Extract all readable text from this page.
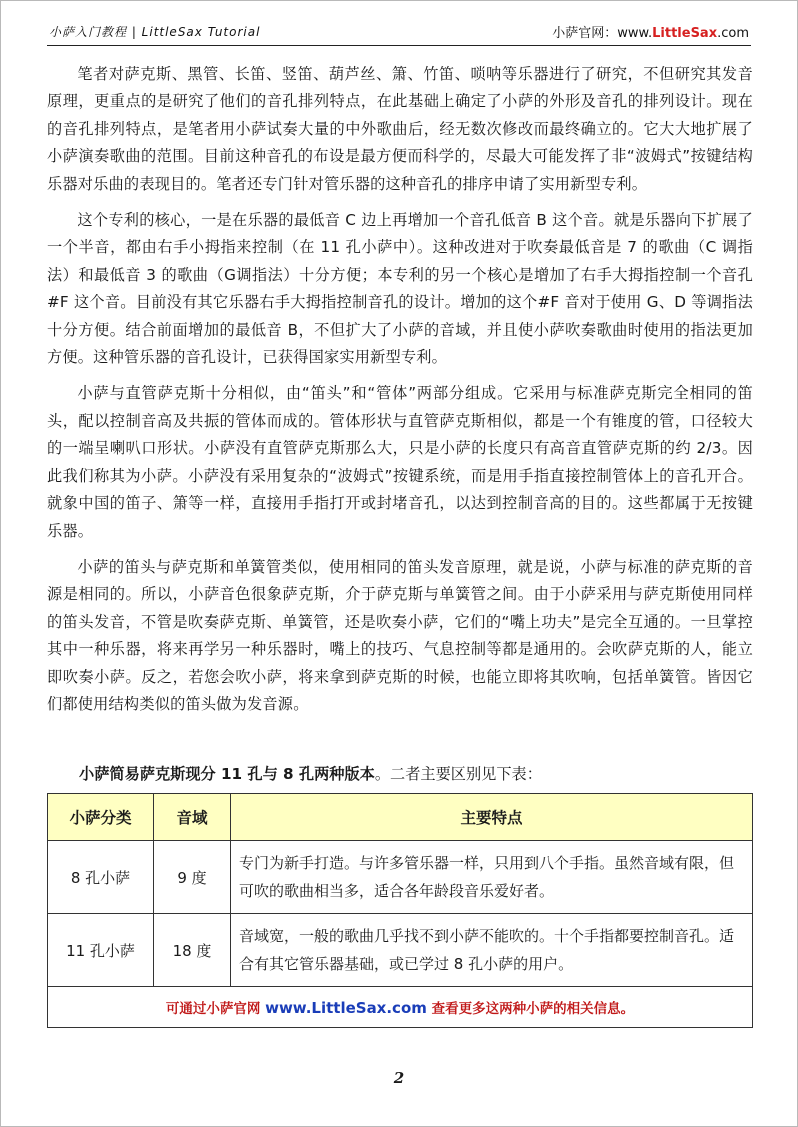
小萨入门教程 | LittleSax Tutorial	小萨官网：www.LittleSax.com

笔者对萨克斯、黑管、长笛、竖笛、葫芦丝、箫、竹笛、唢呐等乐器进行了研究，不但研究其发音原理，更重点的是研究了他们的音孔排列特点，在此基础上确定了小萨的外形及音孔的排列设计。现在的音孔排列特点，是笔者用小萨试奏大量的中外歌曲后，经无数次修改而最终确立的。它大大地扩展了小萨演奏歌曲的范围。目前这种音孔的布设是最方便而科学的，尽最大可能发挥了非“波姆式”按键结构乐器对乐曲的表现目的。笔者还专门针对管乐器的这种音孔的排序申请了实用新型专利。

这个专利的核心，一是在乐器的最低音 C 边上再增加一个音孔低音 B 这个音。就是乐器向下扩展了一个半音，都由右手小拇指来控制（在 11 孔小萨中）。这种改进对于吹奏最低音是 7 的歌曲（C 调指法）和最低音 3 的歌曲（G调指法）十分方便；本专利的另一个核心是增加了右手大拇指控制一个音孔#F 这个音。目前没有其它乐器右手大拇指控制音孔的设计。增加的这个#F 音对于使用 G、D 等调指法十分方便。结合前面增加的最低音 B，不但扩大了小萨的音域，并且使小萨吹奏歌曲时使用的指法更加方便。这种管乐器的音孔设计，已获得国家实用新型专利。

小萨与直管萨克斯十分相似，由“笛头”和“管体”两部分组成。它采用与标准萨克斯完全相同的笛头，配以控制音高及共振的管体而成的。管体形状与直管萨克斯相似，都是一个有锥度的管，口径较大的一端呈喇叭口形状。小萨没有直管萨克斯那么大，只是小萨的长度只有高音直管萨克斯的约 2/3。因此我们称其为小萨。小萨没有采用复杂的“波姆式”按键系统，而是用手指直接控制管体上的音孔开合。就象中国的笛子、箫等一样，直接用手指打开或封堵音孔，以达到控制音高的目的。这些都属于无按键乐器。

小萨的笛头与萨克斯和单簧管类似，使用相同的笛头发音原理，就是说，小萨与标准的萨克斯的音源是相同的。所以，小萨音色很象萨克斯，介于萨克斯与单簧管之间。由于小萨采用与萨克斯使用同样的笛头发音，不管是吹奏萨克斯、单簧管，还是吹奏小萨，它们的“嘴上功夫”是完全互通的。一旦掌控其中一种乐器，将来再学另一种乐器时，嘴上的技巧、气息控制等都是通用的。会吹萨克斯的人，能立即吹奏小萨。反之，若您会吹小萨，将来拿到萨克斯的时候，也能立即将其吹响，包括单簧管。皆因它们都使用结构类似的笛头做为发音源。

小萨简易萨克斯现分 11 孔与 8 孔两种版本。二者主要区别见下表：
小萨分类	音域	主要特点
8 孔小萨	9 度	专门为新手打造。与许多管乐器一样，只用到八个手指。虽然音域有限，但可吹的歌曲相当多，适合各年龄段音乐爱好者。
11 孔小萨	18 度	音域宽，一般的歌曲几乎找不到小萨不能吹的。十个手指都要控制音孔。适合有其它管乐器基础，或已学过 8 孔小萨的用户。
可通过小萨官网 www.LittleSax.com 查看更多这两种小萨的相关信息。		
2
